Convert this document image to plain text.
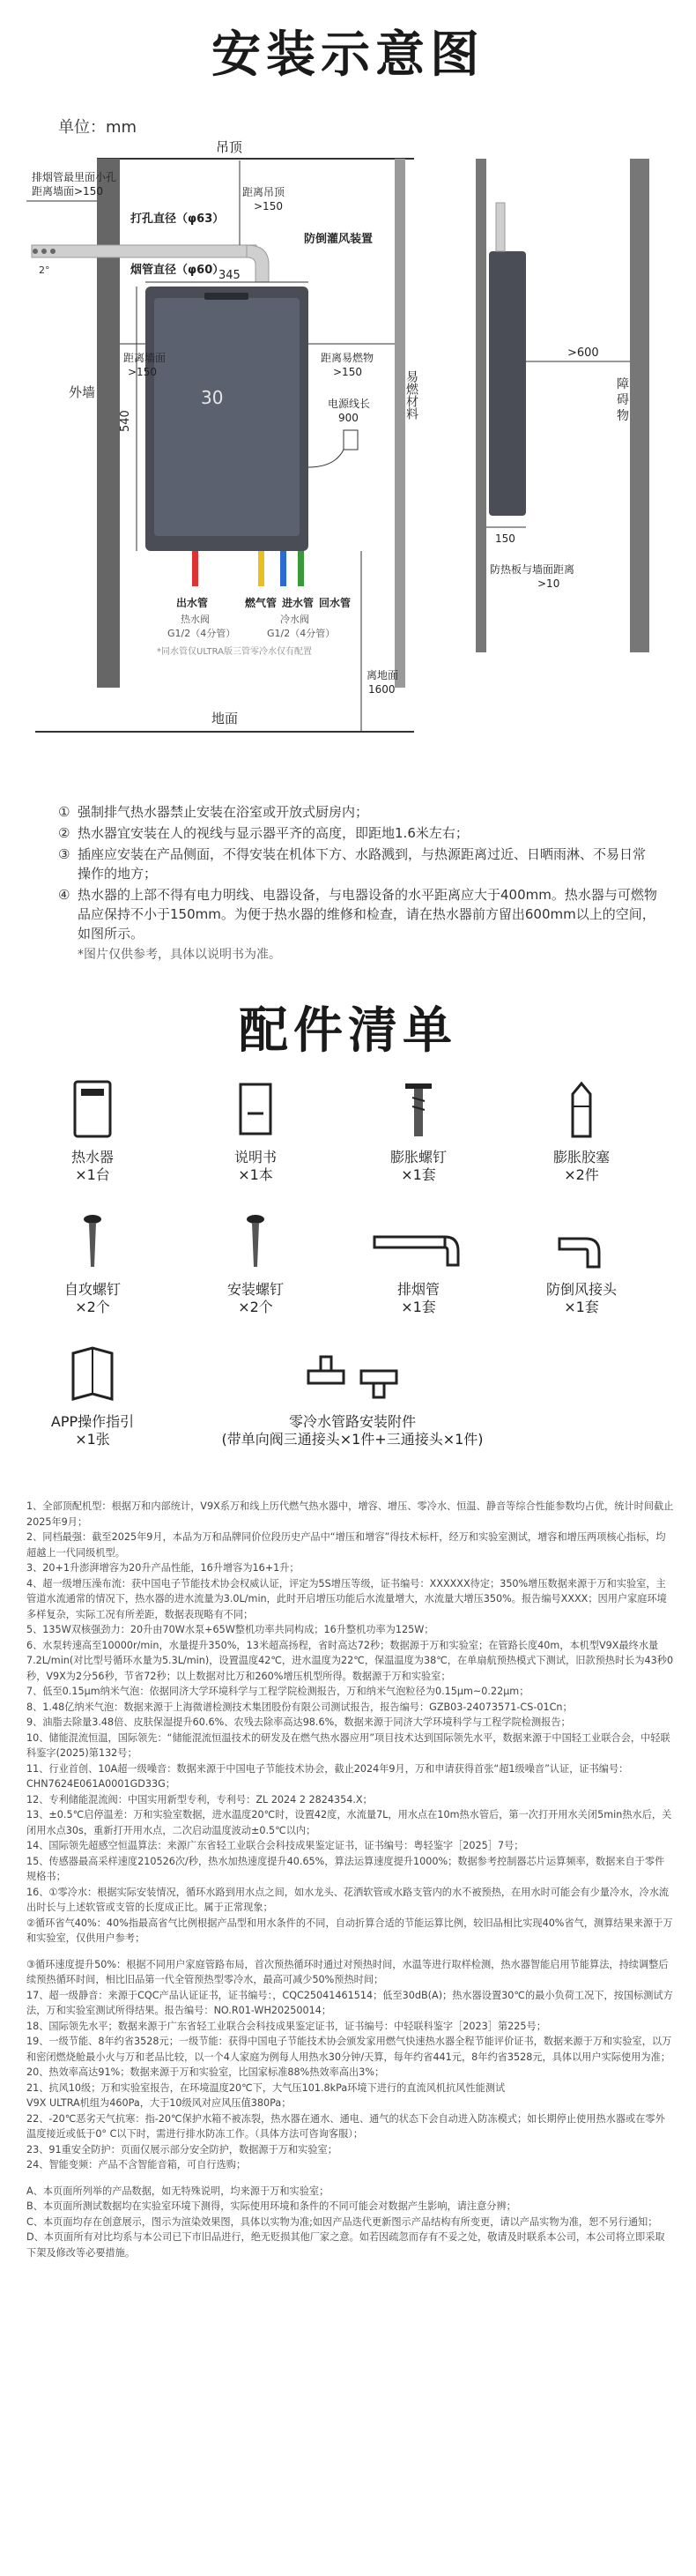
安装示意图
单位：mm
吊顶
外墙	易燃材料
地面
2°
排烟管最里面小孔
距离墙面>150
打孔直径（φ63）
距离吊顶
>150
防倒灌风装置
烟管直径（φ60）
30
345
540
距离墙面
>150
距离易燃物
>150
电源线长
900
出水管	燃气管 进水管 回水管
热水阀
G1/2（4分管）
冷水阀
G1/2（4分管）
*同水管仅ULTRA版三管零冷水仅有配置
离地面
1600
障
碍
物
>600
150
防热板与墙面距离
>10
① 强制排气热水器禁止安装在浴室或开放式厨房内；
② 热水器宜安装在人的视线与显示器平齐的高度，即距地1.6米左右；
③ 插座应安装在产品侧面，不得安装在机体下方、水路溅到，与热源距离过近、日晒雨淋、不易日常操作的地方；
④ 热水器的上部不得有电力明线、电器设备，与电器设备的水平距离应大于400mm。热水器与可燃物品应保持不小于150mm。为便于热水器的维修和检查，请在热水器前方留出600mm以上的空间，如图所示。
*图片仅供参考，具体以说明书为准。
配件清单
热水器
×1台
说明书
×1本
膨胀螺钉
×1套
膨胀胶塞
×2件
自攻螺钉
×2个
安装螺钉
×2个
排烟管
×1套
防倒风接头
×1套
APP操作指引
×1张
零冷水管路安装附件
(带单向阀三通接头×1件+三通接头×1件)

1、全部顶配机型：根据万和内部统计，V9X系万和线上历代燃气热水器中，增容、增压、零冷水、恒温、静音等综合性能参数均占优，统计时间截止2025年9月；

2、同档最强：截至2025年9月，本品为万和品牌同价位段历史产品中“增压和增容”得技术标杆，经万和实验室测试，增容和增压两项核心指标，均超越上一代同级机型。

3、20+1升澎湃增容为20升产品性能，16升增容为16+1升；

4、超一级增压澡布流：获中国电子节能技术协会权威认证，评定为5S增压等级，证书编号：XXXXXX待定；350%增压数据来源于万和实验室，主管道水流通常的情况下，热水器的进水流量为3.0L/min，此时开启增压功能后水流量增大，水流量大增压350%。报告编号XXXX；因用户家庭环境多样复杂，实际工况有所差距，数据表现略有不同；

5、135W双核强劲力：20升由70W水泵+65W整机功率共同构成；16升整机功率为125W；

6、水泵转速高至10000r/min，水量提升350%，13米超高扬程，省时高达72秒；数据源于万和实验室；在管路长度40m，本机型V9X最终水量7.2L/min(对比型号循环水量为5.3L/min)，设置温度42℃，进水温度为22℃，保温温度为38℃，在单扇航预热模式下测试，旧款预热时长为43秒0秒，V9X为2分56秒，节省72秒；以上数据对比万和260%增压机型所得。数据源于万和实验室；

7、低至0.15μm纳米气泡：依据同济大学环境科学与工程学院检测报告，万和纳米气泡粒径为0.15μm~0.22μm；

8、1.48亿纳米气泡：数据来源于上海微谱检测技术集团股份有限公司测试报告，报告编号：GZB03-24073571-CS-01Cn；

9、油脂去除量3.48倍、皮肤保湿提升60.6%、农残去除率高达98.6%，数据来源于同济大学环境科学与工程学院检测报告；

10、储能混流恒温，国际领先：“储能混流恒温技术的研发及在燃气热水器应用”项目技术达到国际领先水平，数据来源于中国轻工业联合会，中轻联科鉴字(2025)第132号；

11、行业首创、10A超一级噪音：数据来源于中国电子节能技术协会，截止2024年9月，万和申请获得首张“超1级噪音”认证，证书编号：CHN7624E061A0001GD33G；

12、专利储能混流阀：中国实用新型专利，专利号：ZL 2024 2 2824354.X；

13、±0.5℃启停温差：万和实验室数据，进水温度20℃时，设置42度，水流量7L，用水点在10m热水管后，第一次打开用水关闭5min热水后，关闭用水点30s，重新打开用水点，二次启动温度波动±0.5℃以内；

14、国际领先超感空恒温算法：来源广东省轻工业联合会科技成果鉴定证书，证书编号：粤轻鉴字［2025］7号；

15、传感器最高采样速度210526次/秒，热水加热速度提升40.65%，算法运算速度提升1000%；数据参考控制器芯片运算频率，数据来自于零件规格书；

16、①零冷水：根据实际安装情况，循环水路到用水点之间，如水龙头、花洒软管或水路支管内的水不被预热，在用水时可能会有少量冷水，冷水流出时长与上述软管或支管的长度成正比。属于正常现象；

②循环省气40%：40%指最高省气比例根据产品型和用水条件的不同，自动折算合适的节能运算比例，较旧品相比实现40%省气，测算结果来源于万和实验室，仅供用户参考；

③循环速度提升50%：根据不同用户家庭管路布局，首次预热循环时通过对预热时间，水温等进行取样检测，热水器智能启用节能算法，持续调整后续预热循环时间，相比旧品第一代全管预热型零冷水，最高可减少50%预热时间；

17、超一级静音：来源于CQC产品认证证书，证书编号：，CQC25041461514；低至30dB(A)；热水器设置30℃的最小负荷工况下，按国标测试方法，万和实验室测试所得结果。报告编号：NO.R01-WH20250014；

18、国际领先水平；数据来源于广东省轻工业联合会科技成果鉴定证书，证书编号：中轻联科鉴字［2023］第225号；

19、一级节能、8年约省3528元；一级节能：获得中国电子节能技术协会颁发家用燃气快速热水器全程节能评价证书，数据来源于万和实验室，以万和密闭燃烧舱最小火与万和老品比较，以一个4人家庭为例每人用热水30分钟/天算，每年约省441元，8年约省3528元，具体以用户实际使用为准；

20、热效率高达91%；数据来源于万和实验室，比国家标准88%热效率高出3%；

21、抗风10级；万和实验室报告，在环境温度20℃下，大气压101.8kPa环境下进行的直流风机抗风性能测试

V9X ULTRA机组为460Pa，大于10级风对应风压值380Pa；

22、-20℃恶劣天气抗寒：指-20℃保护水箱不被冻裂，热水器在通水、通电、通气的状态下会自动进入防冻模式；如长期停止使用热水器或在零外温度接近或低于0° C以下时，需进行排水防冻工作。（具体方法可咨询客服）；

23、91重安全防护：页面仅展示部分安全防护，数据源于万和实验室；

24、智能变频：产品不含智能音箱，可自行选购；

A、本页面所列举的产品数据，如无特殊说明，均来源于万和实验室；

B、本页面所测试数据均在实验室环境下测得，实际使用环境和条件的不同可能会对数据产生影响，请注意分辨；

C、本页面均存在创意展示，图示为渲染效果图，具体以实物为准;如因产品迭代更新图示产品结构有所变更，请以产品实物为准，恕不另行通知；

D、本页面所有对比均系与本公司已下市旧品进行，绝无贬损其他厂家之意。如若因疏忽而存有不妥之处，敬请及时联系本公司，本公司将立即采取下架及修改等必要措施。
